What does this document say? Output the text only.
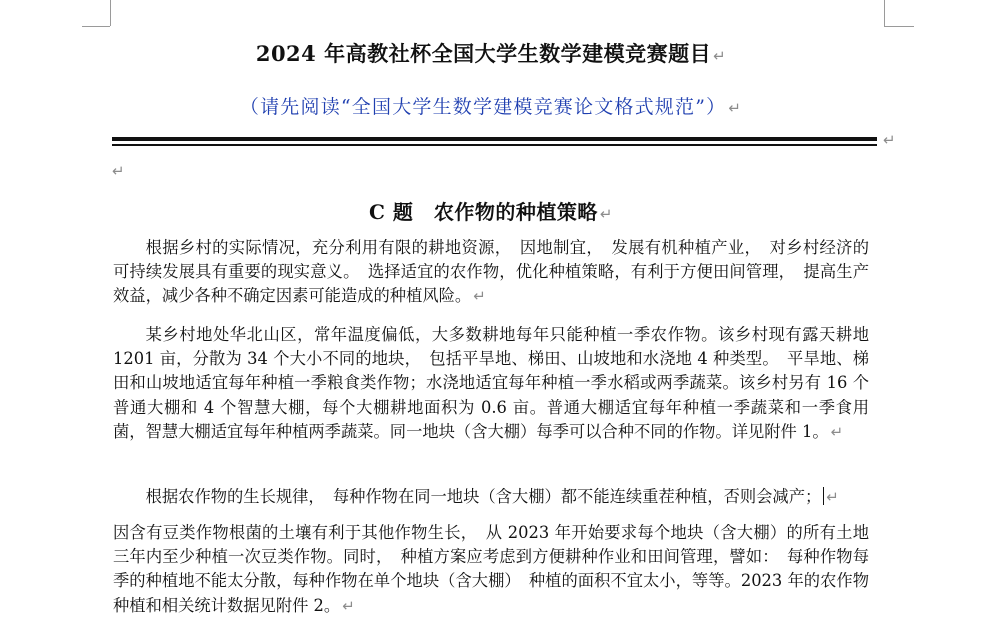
2024 年高教社杯全国大学生数学建模竞赛题目 ↵
（请先阅读“全国大学生数学建模竞赛论文格式规范”） ↵
↵
↵
C 题　农作物的种植策略 ↵

根据乡村的实际情况，充分利用有限的耕地资源，　因地制宜，　发展有机种植产业，　对乡村经济的可持续发展具有重要的现实意义。　选择适宜的农作物，优化种植策略，有利于方便田间管理，　提高生产效益，减少各种不确定因素可能造成的种植风险。 ↵

某乡村地处华北山区，常年温度偏低，大多数耕地每年只能种植一季农作物。该乡村现有露天耕地 1201 亩，分散为 34 个大小不同的地块，　包括平旱地、梯田、山坡地和水浇地 4 种类型。　平旱地、梯田和山坡地适宜每年种植一季粮食类作物；水浇地适宜每年种植一季水稻或两季蔬菜。该乡村另有 16 个普通大棚和 4 个智慧大棚，每个大棚耕地面积为 0.6 亩。普通大棚适宜每年种植一季蔬菜和一季食用菌，智慧大棚适宜每年种植两季蔬菜。同一地块（含大棚）每季可以合种不同的作物。详见附件 1。 ↵

根据农作物的生长规律，　每种作物在同一地块（含大棚）都不能连续重茬种植，否则会减产； ↵

因含有豆类作物根菌的土壤有利于其他作物生长，　从 2023 年开始要求每个地块（含大棚）的所有土地三年内至少种植一次豆类作物。同时，　种植方案应考虑到方便耕种作业和田间管理，譬如：　每种作物每季的种植地不能太分散，每种作物在单个地块（含大棚）　种植的面积不宜太小，等等。2023 年的农作物种植和相关统计数据见附件 2。 ↵
